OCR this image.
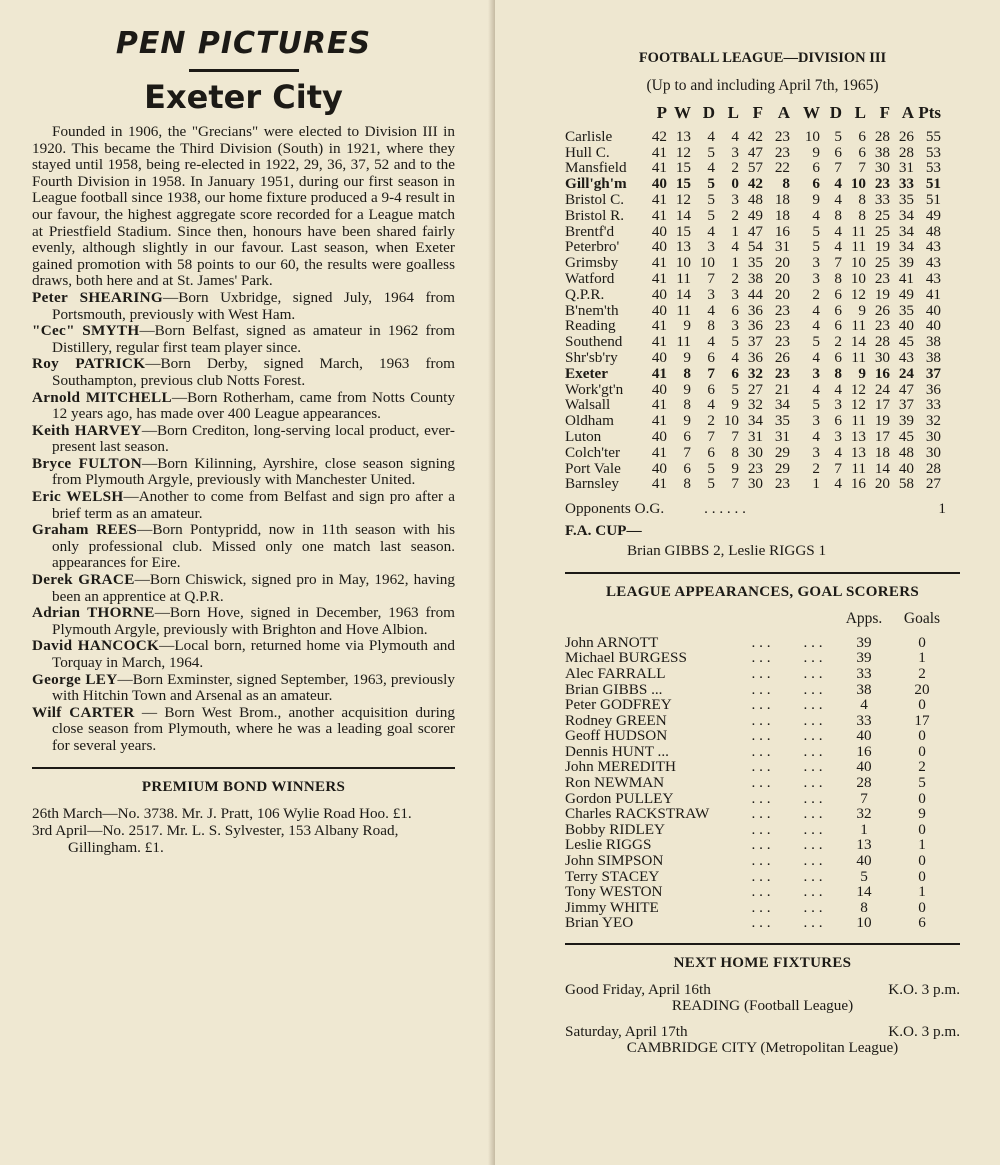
PEN PICTURES
Exeter City

Founded in 1906, the "Grecians" were elected to Division III in 1920. This became the Third Division (South) in 1921, where they stayed until 1958, being re-elected in 1922, 29, 36, 37, 52 and to the Fourth Division in 1958. In January 1951, during our first season in League football since 1938, our home fixture produced a 9-4 result in our favour, the highest aggregate score recorded for a League match at Priestfield Stadium. Since then, honours have been shared fairly evenly, although slightly in our favour. Last season, when Exeter gained promotion with 58 points to our 60, the results were goalless draws, both here and at St. James' Park.

Peter SHEARING—Born Uxbridge, signed July, 1964 from Portsmouth, previously with West Ham.

"Cec" SMYTH—Born Belfast, signed as amateur in 1962 from Distillery, regular first team player since.

Roy PATRICK—Born Derby, signed March, 1963 from Southampton, previous club Notts Forest.

Arnold MITCHELL—Born Rotherham, came from Notts County 12 years ago, has made over 400 League appearances.

Keith HARVEY—Born Crediton, long-serving local product, ever-present last season.

Bryce FULTON—Born Kilinning, Ayrshire, close season signing from Plymouth Argyle, previously with Manchester United.

Eric WELSH—Another to come from Belfast and sign pro after a brief term as an amateur.

Graham REES—Born Pontypridd, now in 11th season with his only professional club. Missed only one match last season. appearances for Eire.

Derek GRACE—Born Chiswick, signed pro in May, 1962, having been an apprentice at Q.P.R.

Adrian THORNE—Born Hove, signed in December, 1963 from Plymouth Argyle, previously with Brighton and Hove Albion.

David HANCOCK—Local born, returned home via Plymouth and Torquay in March, 1964.

George LEY—Born Exminster, signed September, 1963, previously with Hitchin Town and Arsenal as an amateur.

Wilf CARTER — Born West Brom., another acquisition during close season from Plymouth, where he was a leading goal scorer for several years.

PREMIUM BOND WINNERS

26th March—No. 3738. Mr. J. Pratt, 106 Wylie Road Hoo. £1.

3rd April—No. 2517. Mr. L. S. Sylvester, 153 Albany Road, Gillingham. £1.

FOOTBALL LEAGUE—DIVISION III
(Up to and including April 7th, 1965)
	P	W	D	L	F	A	W	D	L	F	A	Pts
Carlisle	42	13	4	4	42	23	10	5	6	28	26	55
Hull C.	41	12	5	3	47	23	9	6	6	38	28	53
Mansfield	41	15	4	2	57	22	6	7	7	30	31	53
Gill'gh'm	40	15	5	0	42	8	6	4	10	23	33	51
Bristol C.	41	12	5	3	48	18	9	4	8	33	35	51
Bristol R.	41	14	5	2	49	18	4	8	8	25	34	49
Brentf'd	40	15	4	1	47	16	5	4	11	25	34	48
Peterbro'	40	13	3	4	54	31	5	4	11	19	34	43
Grimsby	41	10	10	1	35	20	3	7	10	25	39	43
Watford	41	11	7	2	38	20	3	8	10	23	41	43
Q.P.R.	40	14	3	3	44	20	2	6	12	19	49	41
B'nem'th	40	11	4	6	36	23	4	6	9	26	35	40
Reading	41	9	8	3	36	23	4	6	11	23	40	40
Southend	41	11	4	5	37	23	5	2	14	28	45	38
Shr'sb'ry	40	9	6	4	36	26	4	6	11	30	43	38
Exeter	41	8	7	6	32	23	3	8	9	16	24	37
Work'gt'n	40	9	6	5	27	21	4	4	12	24	47	36
Walsall	41	8	4	9	32	34	5	3	12	17	37	33
Oldham	41	9	2	10	34	35	3	6	11	19	39	32
Luton	40	6	7	7	31	31	4	3	13	17	45	30
Colch'ter	41	7	6	8	30	29	3	4	13	18	48	30
Port Vale	40	6	5	9	23	29	2	7	11	14	40	28
Barnsley	41	8	5	7	30	23	1	4	16	20	58	27
Opponents O.G.	. . . . . .	1
F.A. CUP—
Brian GIBBS 2, Leslie RIGGS 1
LEAGUE APPEARANCES, GOAL SCORERS
			Apps.	Goals
John ARNOTT	. . .	. . .	39	0
Michael BURGESS	. . .	. . .	39	1
Alec FARRALL	. . .	. . .	33	2
Brian GIBBS ...	. . .	. . .	38	20
Peter GODFREY	. . .	. . .	4	0
Rodney GREEN	. . .	. . .	33	17
Geoff HUDSON	. . .	. . .	40	0
Dennis HUNT ...	. . .	. . .	16	0
John MEREDITH	. . .	. . .	40	2
Ron NEWMAN	. . .	. . .	28	5
Gordon PULLEY	. . .	. . .	7	0
Charles RACKSTRAW	. . .	. . .	32	9
Bobby RIDLEY	. . .	. . .	1	0
Leslie RIGGS	. . .	. . .	13	1
John SIMPSON	. . .	. . .	40	0
Terry STACEY	. . .	. . .	5	0
Tony WESTON	. . .	. . .	14	1
Jimmy WHITE	. . .	. . .	8	0
Brian YEO	. . .	. . .	10	6
NEXT HOME FIXTURES
Good Friday, April 16th	K.O. 3 p.m.
READING (Football League)
Saturday, April 17th	K.O. 3 p.m.
CAMBRIDGE CITY (Metropolitan League)
